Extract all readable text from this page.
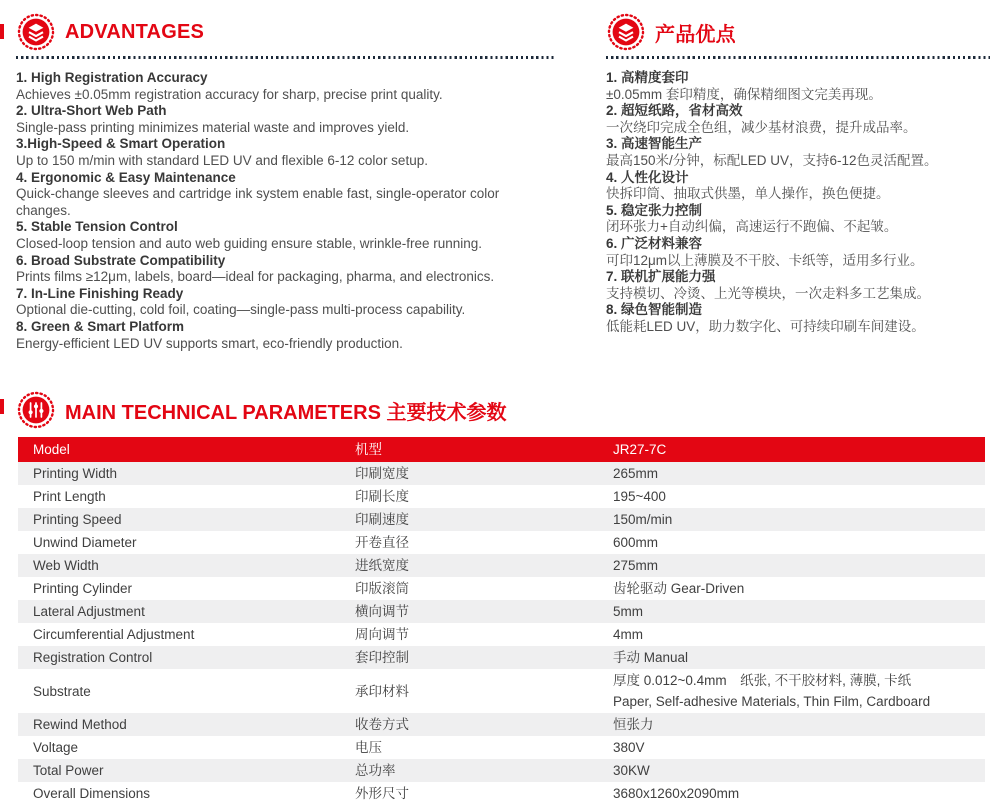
ADVANTAGES
1. High Registration Accuracy
Achieves ±0.05mm registration accuracy for sharp, precise print quality.
2. Ultra-Short Web Path
Single-pass printing minimizes material waste and improves yield.
3.High-Speed & Smart Operation
Up to 150 m/min with standard LED UV and flexible 6-12 color setup.
4. Ergonomic & Easy Maintenance
Quick-change sleeves and cartridge ink system enable fast, single-operator color changes.
5. Stable Tension Control
Closed-loop tension and auto web guiding ensure stable, wrinkle-free running.
6. Broad Substrate Compatibility
Prints films ≥12μm, labels, board—ideal for packaging, pharma, and electronics.
7. In-Line Finishing Ready
Optional die-cutting, cold foil, coating—single-pass multi-process capability.
8. Green & Smart Platform
Energy-efficient LED UV supports smart, eco-friendly production.
产品优点
1. 高精度套印
±0.05mm 套印精度，确保精细图文完美再现。
2. 超短纸路，省材高效
一次绕印完成全色组，减少基材浪费，提升成品率。
3. 高速智能生产
最高150米/分钟，标配LED UV，支持6-12色灵活配置。
4. 人性化设计
快拆印筒、抽取式供墨，单人操作，换色便捷。
5. 稳定张力控制
闭环张力+自动纠偏，高速运行不跑偏、不起皱。
6. 广泛材料兼容
可印12μm以上薄膜及不干胶、卡纸等，适用多行业。
7. 联机扩展能力强
支持模切、冷烫、上光等模块，一次走料多工艺集成。
8. 绿色智能制造
低能耗LED UV，助力数字化、可持续印刷车间建设。
MAIN TECHNICAL PARAMETERS 主要技术参数
Model	机型	JR27-7C
Printing Width	印刷宽度	265mm
Print Length	印刷长度	195~400
Printing Speed	印刷速度	150m/min
Unwind Diameter	开卷直径	600mm
Web Width	进纸宽度	275mm
Printing Cylinder	印版滚筒	齿轮驱动 Gear-Driven
Lateral Adjustment	横向调节	5mm
Circumferential Adjustment	周向调节	4mm
Registration Control	套印控制	手动 Manual
Substrate	承印材料
厚度 0.012~0.4mm　纸张, 不干胶材料, 薄膜, 卡纸
Paper, Self-adhesive Materials, Thin Film, Cardboard
Rewind Method	收卷方式	恒张力
Voltage	电压	380V
Total Power	总功率	30KW
Overall Dimensions	外形尺寸	3680x1260x2090mm
